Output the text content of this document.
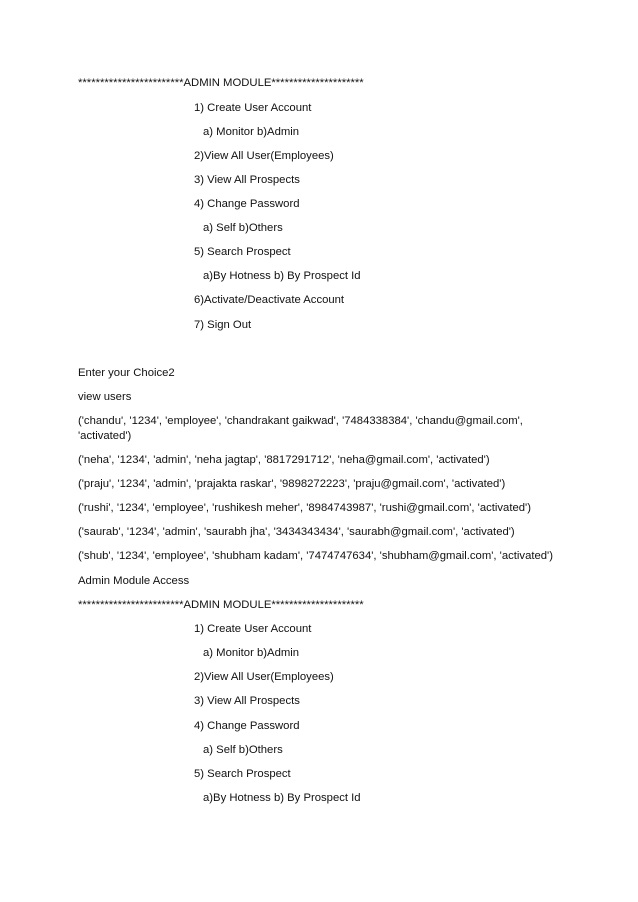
************************ADMIN MODULE*********************
1) Create User Account
a) Monitor b)Admin
2)View All User(Employees)
3) View All Prospects
4) Change Password
a) Self b)Others
5) Search Prospect
a)By Hotness b) By Prospect Id
6)Activate/Deactivate Account
7) Sign Out
Enter your Choice2
view users
('chandu', '1234', 'employee', 'chandrakant gaikwad', '7484338384', 'chandu@gmail.com', 'activated')
('neha', '1234', 'admin', 'neha jagtap', '8817291712', 'neha@gmail.com', 'activated')
('praju', '1234', 'admin', 'prajakta raskar', '9898272223', 'praju@gmail.com', 'activated')
('rushi', '1234', 'employee', 'rushikesh meher', '8984743987', 'rushi@gmail.com', 'activated')
('saurab', '1234', 'admin', 'saurabh jha', '3434343434', 'saurabh@gmail.com', 'activated')
('shub', '1234', 'employee', 'shubham kadam', '7474747634', 'shubham@gmail.com', 'activated')
Admin Module Access
************************ADMIN MODULE*********************
1) Create User Account
a) Monitor b)Admin
2)View All User(Employees)
3) View All Prospects
4) Change Password
a) Self b)Others
5) Search Prospect
a)By Hotness b) By Prospect Id
